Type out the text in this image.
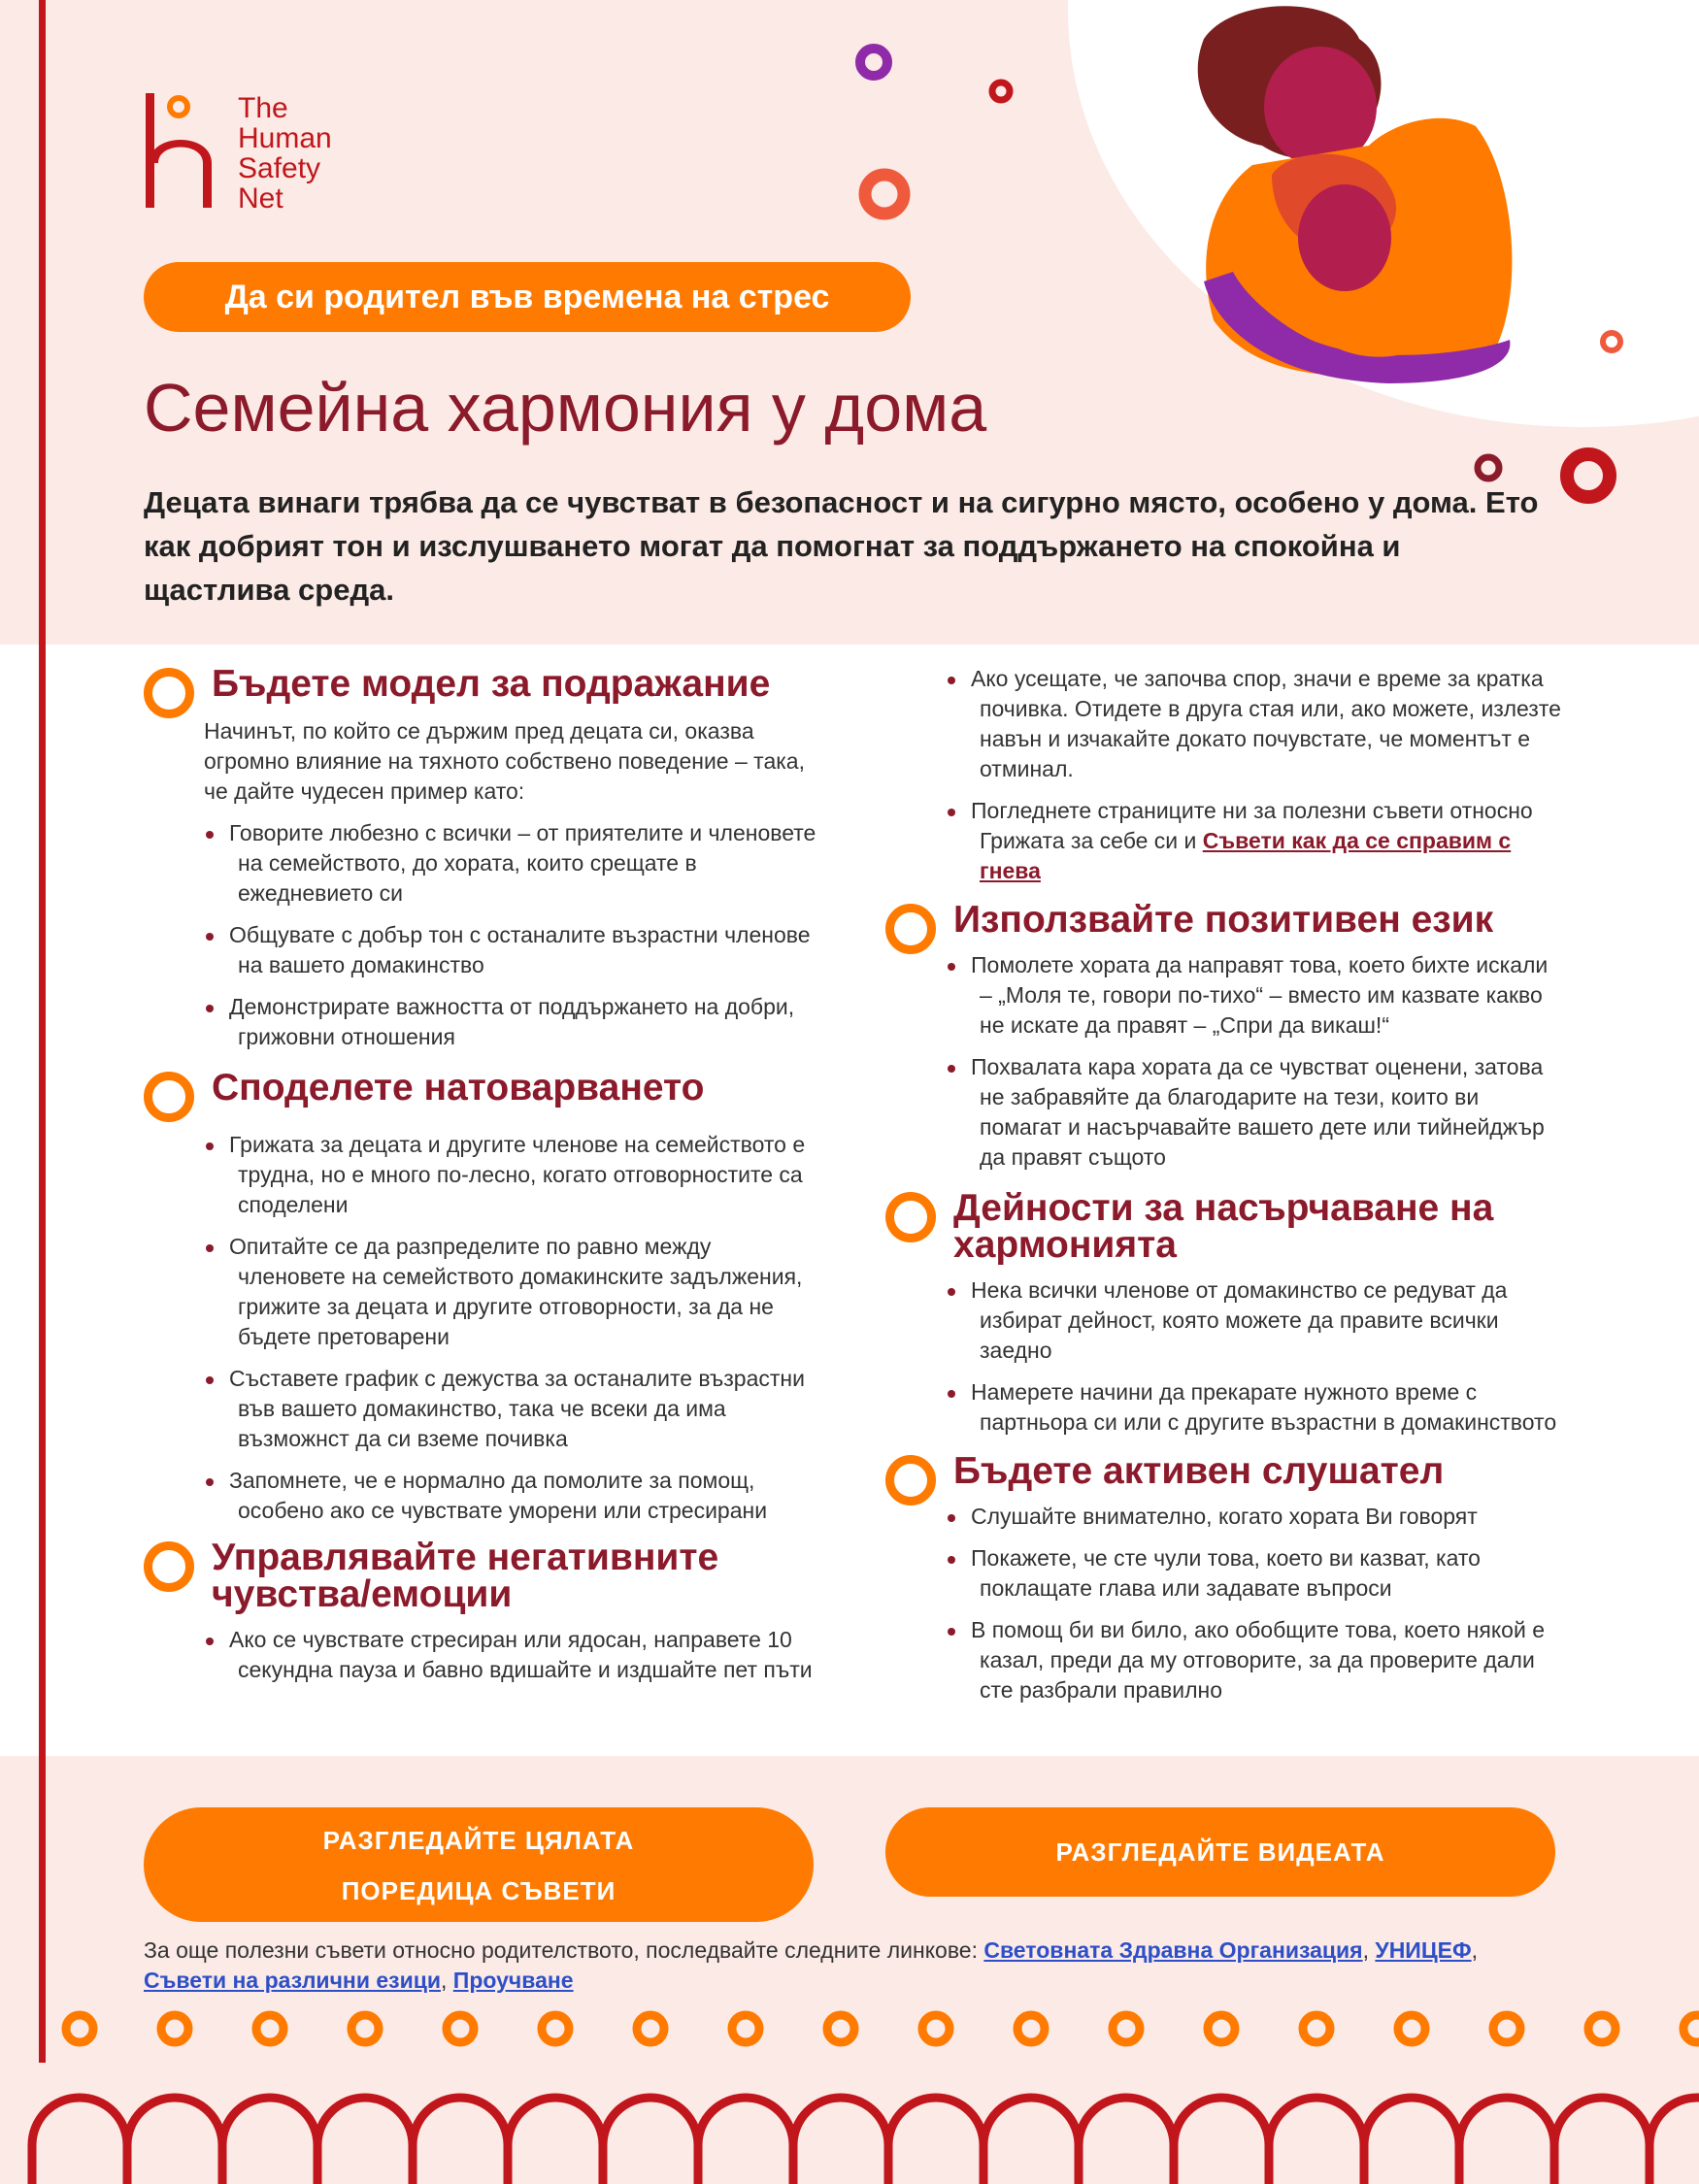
The
Human
Safety
Net
Да си родител във времена на стрес
Семейна хармония у дома
Децата винаги трябва да се чувстват в безопасност и на сигурно място, особено у дома. Ето как добрият тон и изслушването могат да помогнат за поддържането на спокойна и щастлива среда.
Бъдете модел за подражание
Начинът, по който се държим пред децата си, оказва огромно влияние на тяхното собствено поведение – така, че дайте чудесен пример като:
Говорите любезно с всички – от приятелите и членовете на семейството, до хората, които срещате в ежедневието си
Общувате с добър тон с останалите възрастни членове на вашето домакинство
Демонстрирате важността от поддържането на добри, грижовни отношения
Споделете натоварването
Грижата за децата и другите членове на семейството е трудна, но е много по-лесно, когато отговорностите са споделени
Опитайте се да разпределите по равно между членовете на семейството домакинските задължения, грижите за децата и другите отговорности, за да не бъдете претоварени
Съставете график с дежуства за останалите възрастни във вашето домакинство, така че всеки да има възможнст да си вземе почивка
Запомнете, че е нормално да помолите за помощ, особено ако се чувствате уморени или стресирани
Управлявайте негативните чувства/емоции
Ако се чувствате стресиран или ядосан, направете 10 секундна пауза и бавно вдишайте и издшайте пет пъти
Ако усещате, че започва спор, значи е време за кратка почивка. Отидете в друга стая или, ако можете, излезте навън и изчакайте докато почувстате, че моментът е отминал.
Погледнете страниците ни за полезни съвети относно Грижата за себе си и Съвети как да се справим с гнева
Използвайте позитивен език
Помолете хората да направят това, което бихте искали – „Моля те, говори по-тихо“ – вместо им казвате какво не искате да правят – „Спри да викаш!“
Похвалата кара хората да се чувстват оценени, затова не забравяйте да благодарите на тези, които ви помагат и насърчавайте вашето дете или тийнейджър да правят същото
Дейности за насърчаване на хармонията
Нека всички членове от домакинство се редуват да избират дейност, която можете да правите всички заедно
Намерете начини да прекарате нужното време с партньора си или с другите възрастни в домакинството
Бъдете активен слушател
Слушайте внимателно, когато хората Ви говорят
Покажете, че сте чули това, което ви казват, като поклащате глава или задавате въпроси
В помощ би ви било, ако обобщите това, което някой е казал, преди да му отговорите, за да проверите дали сте разбрали правилно
РАЗГЛЕДАЙТЕ ЦЯЛАТА
ПОРЕДИЦА СЪВЕТИ
РАЗГЛЕДАЙТЕ ВИДЕАТА
За още полезни съвети относно родителството, последвайте следните линкове: Световната Здравна Организация, УНИЦЕФ, Съвети на различни езици, Проучване
